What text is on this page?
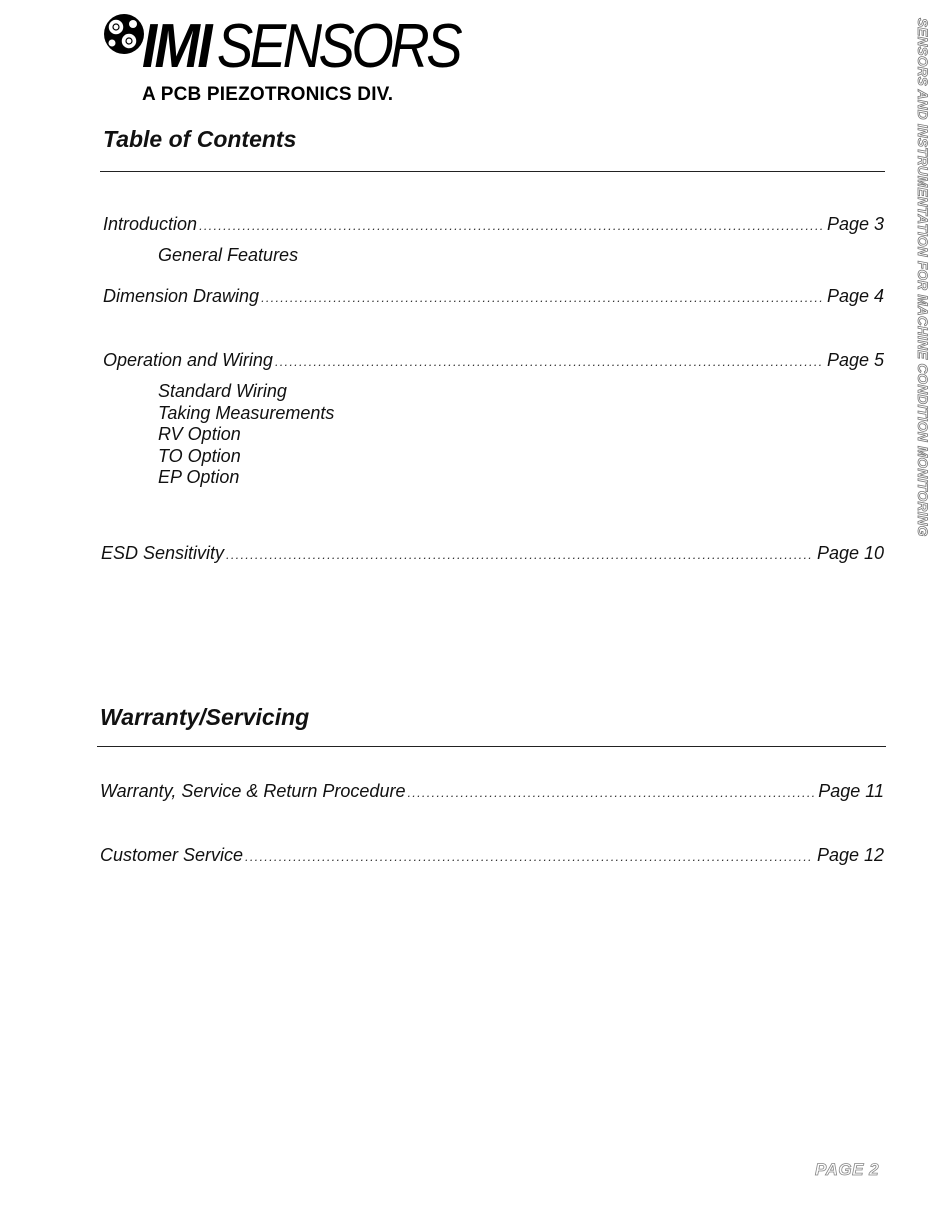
IMI SENSORS
A PCB PIEZOTRONICS DIV.	SENSORS AND INSTRUMENTATION FOR MACHINE CONDITION MONITORING
Table of Contents
Introduction .....	Page 3
General Features
Dimension Drawing .....	Page 4
Operation and Wiring .....	Page 5
Standard Wiring
Taking Measurements
RV Option
TO Option
EP Option
ESD Sensitivity .....	Page 10
Warranty/Servicing
Warranty, Service & Return Procedure .....	Page 11
Customer Service .....	Page 12
PAGE 2
